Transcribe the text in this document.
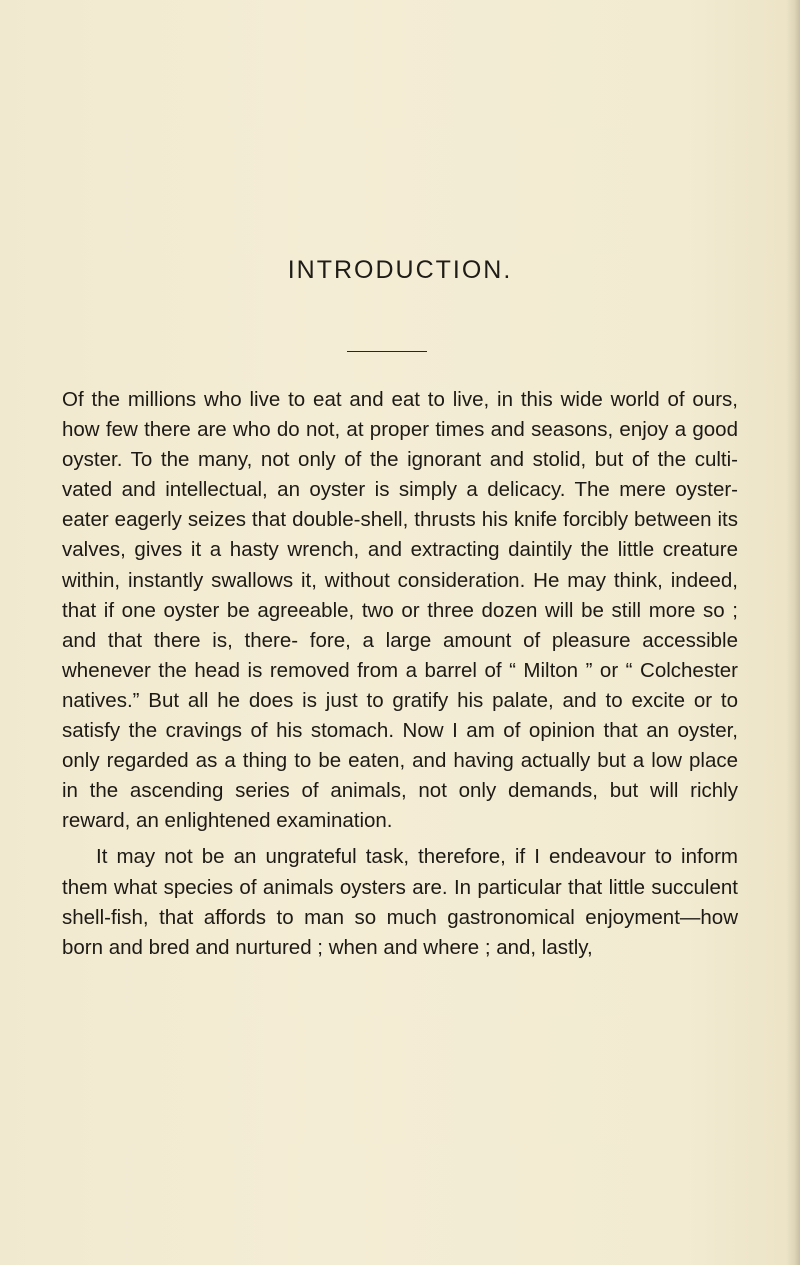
INTRODUCTION.

Of the millions who live to eat and eat to live, in this wide world of ours, how few there are who do not, at proper times and seasons, enjoy a good oyster. To the many, not only of the ignorant and stolid, but of the culti- vated and intellectual, an oyster is simply a delicacy. The mere oyster-eater eagerly seizes that double-shell, thrusts his knife forcibly between its valves, gives it a hasty wrench, and extracting daintily the little creature within, instantly swallows it, without consideration. He may think, indeed, that if one oyster be agreeable, two or three dozen will be still more so ; and that there is, there- fore, a large amount of pleasure accessible whenever the head is removed from a barrel of “ Milton ” or “ Colchester natives.” But all he does is just to gratify his palate, and to excite or to satisfy the cravings of his stomach. Now I am of opinion that an oyster, only regarded as a thing to be eaten, and having actually but a low place in the ascending series of animals, not only demands, but will richly reward, an enlightened examination.

It may not be an ungrateful task, therefore, if I endeavour to inform them what species of animals oysters are. In particular that little succulent shell-fish, that affords to man so much gastronomical enjoyment—how born and bred and nurtured ; when and where ; and, lastly,
